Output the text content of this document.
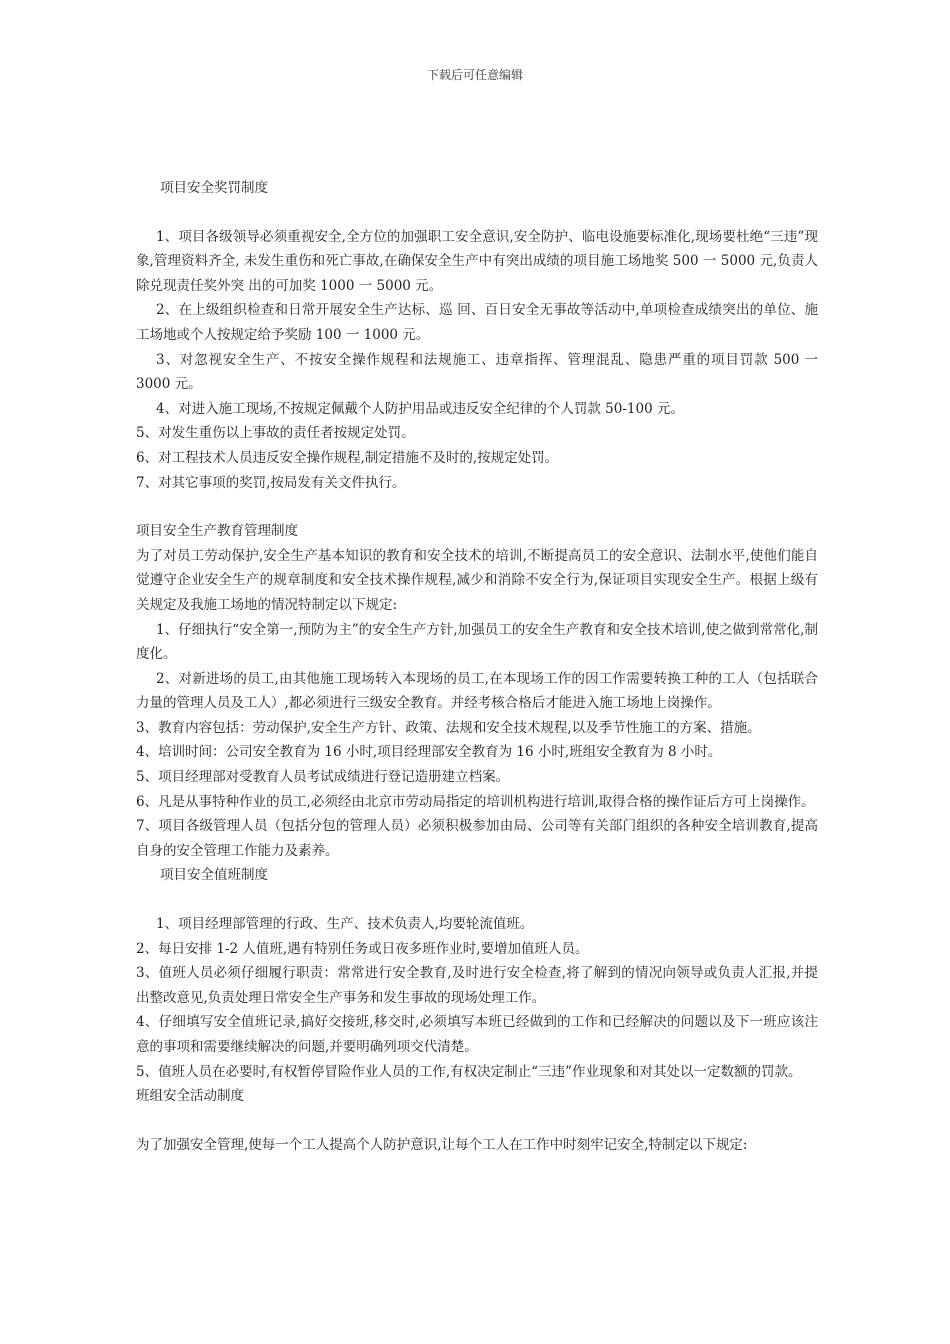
下载后可任意编辑

项目安全奖罚制度

1、项目各级领导必须重视安全,全方位的加强职工安全意识,安全防护、临电设施要标准化,现场要杜绝“三违”现象,管理资料齐全, 未发生重伤和死亡事故,在确保安全生产中有突出成绩的项目施工场地奖 500 一 5000 元,负责人除兑现责任奖外突 出的可加奖 1000 一 5000 元。

2、在上级组织检查和日常开展安全生产达标、巡 回、百日安全无事故等活动中,单项检查成绩突出的单位、施工场地或个人按规定给予奖励 100 一 1000 元。

3、对忽视安全生产、不按安全操作规程和法规施工、违章指挥、管理混乱、隐患严重的项目罚款 500 一 3000 元。

4、对进入施工现场,不按规定佩戴个人防护用品或违反安全纪律的个人罚款 50-100 元。

5、对发生重伤以上事故的责任者按规定处罚。

6、对工程技术人员违反安全操作规程,制定措施不及时的,按规定处罚。

7、对其它事项的奖罚,按局发有关文件执行。

项目安全生产教育管理制度

为了对员工劳动保护,安全生产基本知识的教育和安全技术的培训,不断提高员工的安全意识、法制水平,使他们能自觉遵守企业安全生产的规章制度和安全技术操作规程,减少和消除不安全行为,保证项目实现安全生产。根据上级有关规定及我施工场地的情况特制定以下规定:

1、仔细执行“安全第一,预防为主”的安全生产方针,加强员工的安全生产教育和安全技术培训,使之做到常常化,制度化。

2、对新进场的员工,由其他施工现场转入本现场的员工,在本现场工作的因工作需要转换工种的工人（包括联合力量的管理人员及工人）,都必须进行三级安全教育。并经考核合格后才能进入施工场地上岗操作。

3、教育内容包括：劳动保护,安全生产方针、政策、法规和安全技术规程,以及季节性施工的方案、措施。

4、培训时间：公司安全教育为 16 小时,项目经理部安全教育为 16 小时,班组安全教育为 8 小时。

5、项目经理部对受教育人员考试成绩进行登记造册建立档案。

6、凡是从事特种作业的员工,必须经由北京市劳动局指定的培训机构进行培训,取得合格的操作证后方可上岗操作。

7、项目各级管理人员（包括分包的管理人员）必须积极参加由局、公司等有关部门组织的各种安全培训教育,提高自身的安全管理工作能力及素养。

项目安全值班制度

1、项目经理部管理的行政、生产、技术负责人,均要轮流值班。

2、每日安排 1-2 人值班,遇有特别任务或日夜多班作业时,要增加值班人员。

3、值班人员必须仔细履行职责：常常进行安全教育,及时进行安全检查,将了解到的情况向领导或负责人汇报,并提出整改意见,负责处理日常安全生产事务和发生事故的现场处理工作。

4、仔细填写安全值班记录,搞好交接班,移交时,必须填写本班已经做到的工作和已经解决的问题以及下一班应该注意的事项和需要继续解决的问题,并要明确列项交代清楚。

5、值班人员在必要时,有权暂停冒险作业人员的工作,有权决定制止“三违”作业现象和对其处以一定数额的罚款。

班组安全活动制度

为了加强安全管理,使每一个工人提高个人防护意识,让每个工人在工作中时刻牢记安全,特制定以下规定:
